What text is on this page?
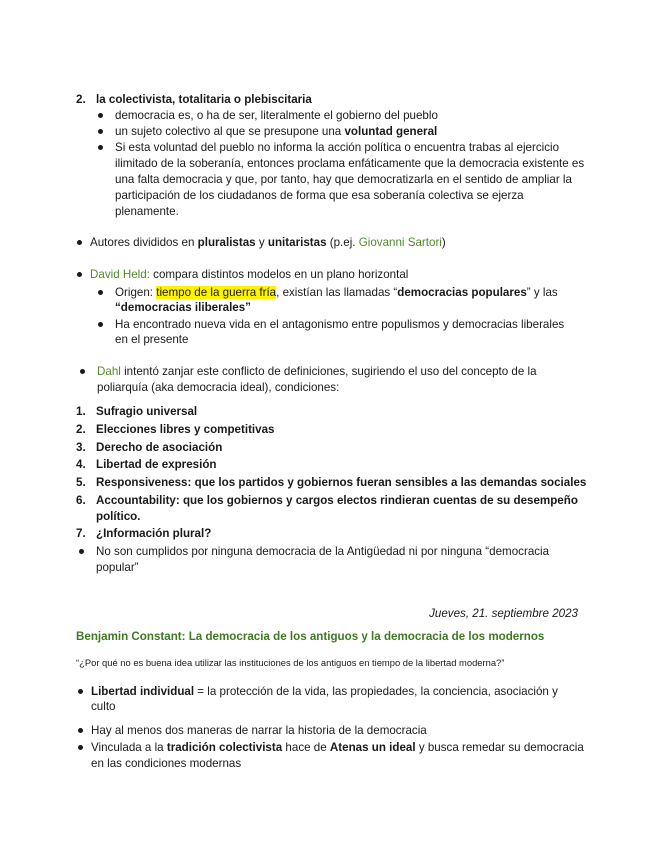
2. la colectivista, totalitaria o plebiscitaria
democracia es, o ha de ser, literalmente el gobierno del pueblo
un sujeto colectivo al que se presupone una voluntad general
Si esta voluntad del pueblo no informa la acción política o encuentra trabas al ejercicio ilimitado de la soberanía, entonces proclama enfáticamente que la democracia existente es una falta democracia y que, por tanto, hay que democratizarla en el sentido de ampliar la participación de los ciudadanos de forma que esa soberanía colectiva se ejerza plenamente.
Autores divididos en pluralistas y unitaristas (p.ej. Giovanni Sartori)
David Held: compara distintos modelos en un plano horizontal
Origen: tiempo de la guerra fría, existían las llamadas “democracias populares” y las
“democracias iliberales”
Ha encontrado nueva vida en el antagonismo entre populismos y democracias liberales
en el presente
Dahl intentó zanjar este conflicto de definiciones, sugiriendo el uso del concepto de la
poliarquía (aka democracia ideal), condiciones:
1. Sufragio universal
2. Elecciones libres y competitivas
3. Derecho de asociación
4. Libertad de expresión
5. Responsiveness: que los partidos y gobiernos fueran sensibles a las demandas sociales
6. Accountability: que los gobiernos y cargos electos rindieran cuentas de su desempeño
político.
7. ¿Información plural?
No son cumplidos por ninguna democracia de la Antigüedad ni por ninguna “democracia
popular”
Jueves, 21. septiembre 2023
Benjamin Constant: La democracia de los antiguos y la democracia de los modernos
“¿Por qué no es buena idea utilizar las instituciones de los antiguos en tiempo de la libertad moderna?”
Libertad individual = la protección de la vida, las propiedades, la conciencia, asociación y
culto
Hay al menos dos maneras de narrar la historia de la democracia
Vinculada a la tradición colectivista hace de Atenas un ideal y busca remedar su democracia
en las condiciones modernas
